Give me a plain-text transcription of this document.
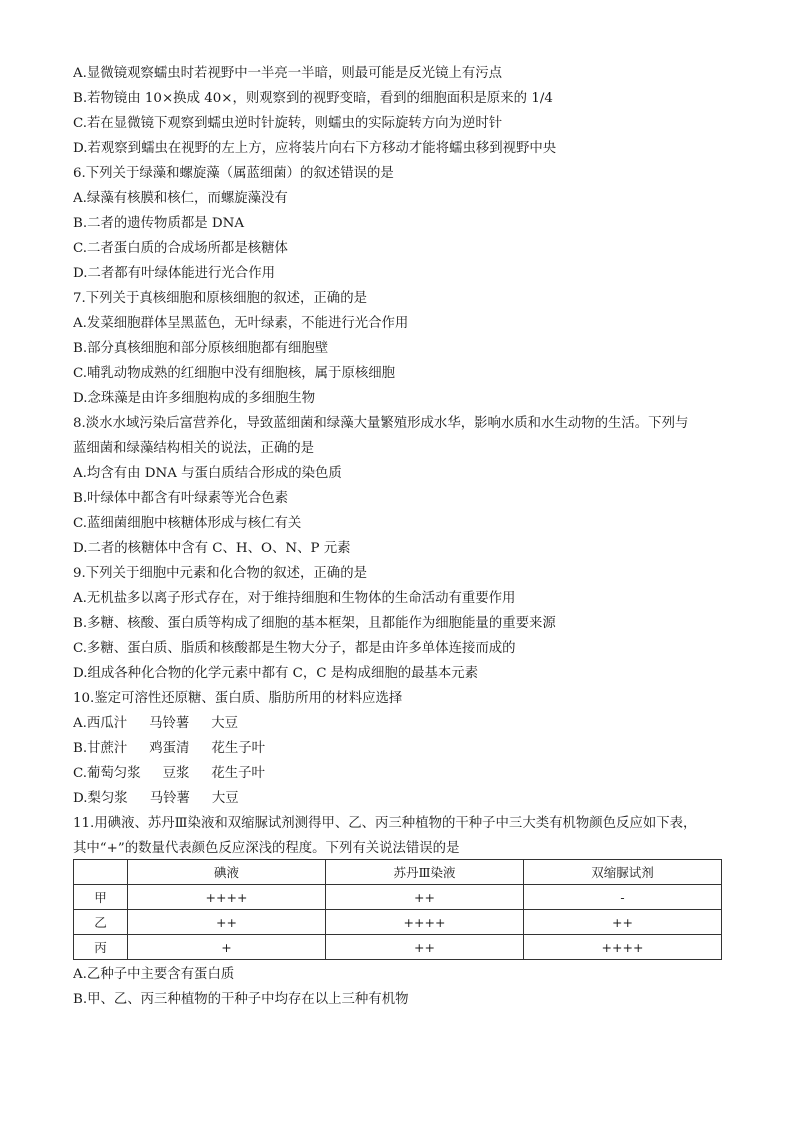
A.显微镜观察蠕虫时若视野中一半亮一半暗，则最可能是反光镜上有污点
B.若物镜由 10×换成 40×，则观察到的视野变暗，看到的细胞面积是原来的 1/4
C.若在显微镜下观察到蠕虫逆时针旋转，则蠕虫的实际旋转方向为逆时针
D.若观察到蠕虫在视野的左上方，应将装片向右下方移动才能将蠕虫移到视野中央
6.下列关于绿藻和螺旋藻（属蓝细菌）的叙述错误的是
A.绿藻有核膜和核仁，而螺旋藻没有
B.二者的遗传物质都是 DNA
C.二者蛋白质的合成场所都是核糖体
D.二者都有叶绿体能进行光合作用
7.下列关于真核细胞和原核细胞的叙述，正确的是
A.发菜细胞群体呈黑蓝色，无叶绿素，不能进行光合作用
B.部分真核细胞和部分原核细胞都有细胞壁
C.哺乳动物成熟的红细胞中没有细胞核，属于原核细胞
D.念珠藻是由许多细胞构成的多细胞生物
8.淡水水域污染后富营养化，导致蓝细菌和绿藻大量繁殖形成水华，影响水质和水生动物的生活。下列与
蓝细菌和绿藻结构相关的说法，正确的是
A.均含有由 DNA 与蛋白质结合形成的染色质
B.叶绿体中都含有叶绿素等光合色素
C.蓝细菌细胞中核糖体形成与核仁有关
D.二者的核糖体中含有 C、H、O、N、P 元素
9.下列关于细胞中元素和化合物的叙述，正确的是
A.无机盐多以离子形式存在，对于维持细胞和生物体的生命活动有重要作用
B.多糖、核酸、蛋白质等构成了细胞的基本框架，且都能作为细胞能量的重要来源
C.多糖、蛋白质、脂质和核酸都是生物大分子，都是由许多单体连接而成的
D.组成各种化合物的化学元素中都有 C，C 是构成细胞的最基本元素
10.鉴定可溶性还原糖、蛋白质、脂肪所用的材料应选择
A.西瓜汁 马铃薯 大豆
B.甘蔗汁 鸡蛋清 花生子叶
C.葡萄匀浆 豆浆 花生子叶
D.梨匀浆 马铃薯 大豆
11.用碘液、苏丹Ⅲ染液和双缩脲试剂测得甲、乙、丙三种植物的干种子中三大类有机物颜色反应如下表，
其中“+”的数量代表颜色反应深浅的程度。下列有关说法错误的是
	碘液	苏丹Ⅲ染液	双缩脲试剂
甲	++++	++	-
乙	++	++++	++
丙	+	++	++++
A.乙种子中主要含有蛋白质
B.甲、乙、丙三种植物的干种子中均存在以上三种有机物
